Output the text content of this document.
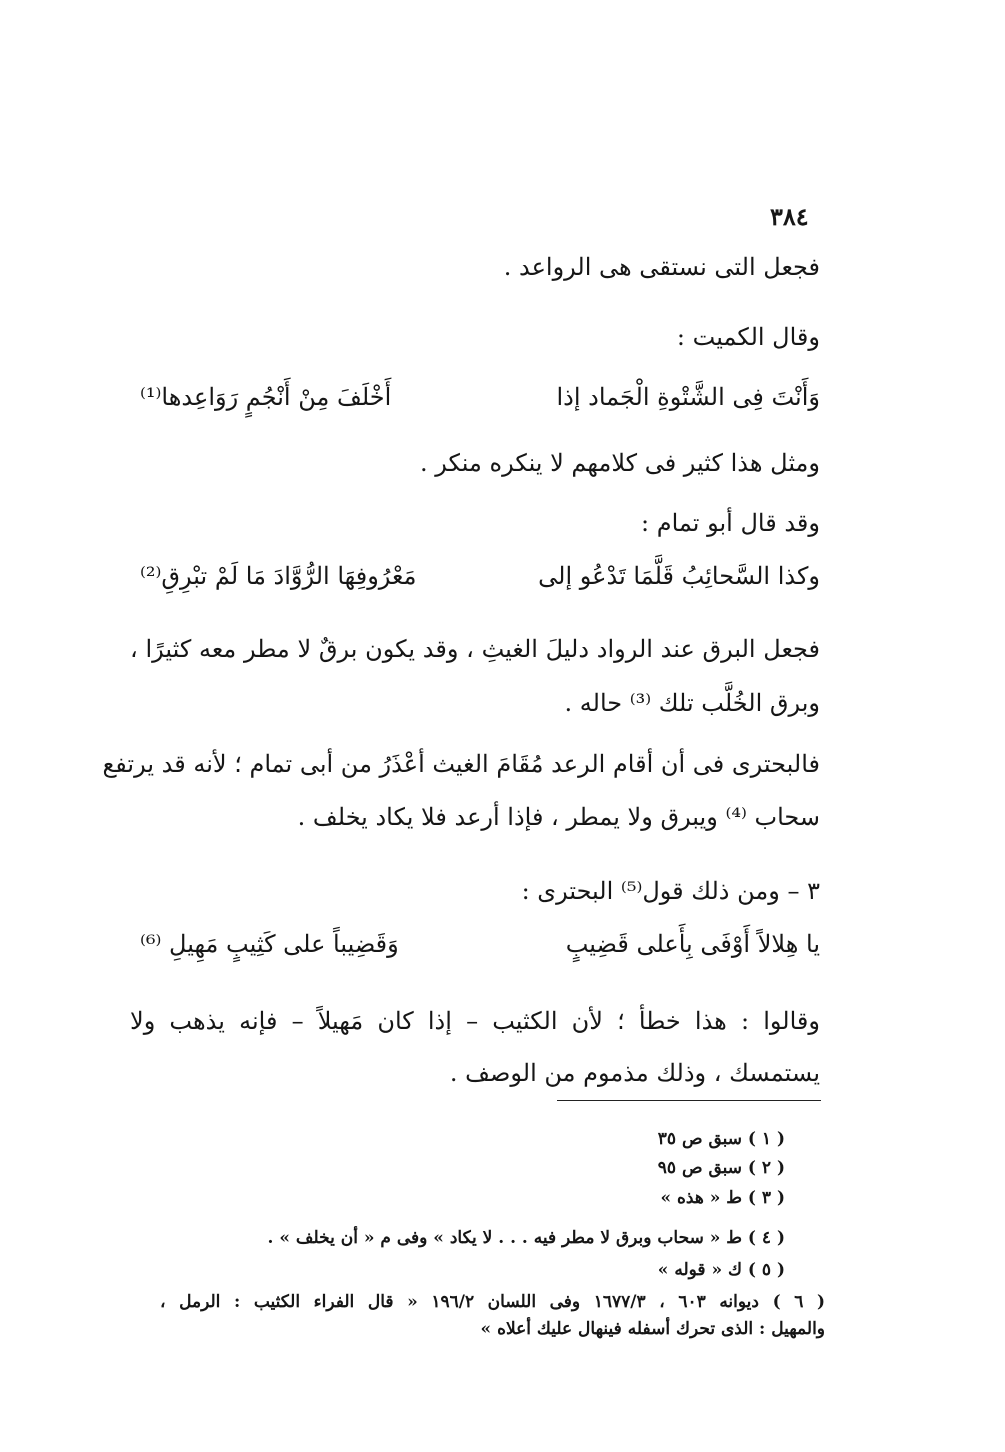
٣٨٤
فجعل التى نستقى هى الرواعد .
وقال الكميت :
وَأَنْتَ فِى الشَّتْوةِ الْجَماد إذا
أَخْلَفَ مِنْ أَنْجُمٍ رَوَاعِدها⁽¹⁾
ومثل هذا كثير فى كلامهم لا ينكره منكر .
وقد قال أبو تمام :
وكذا السَّحائِبُ قَلَّمَا تَدْعُو إلى
مَعْرُوفِهَا الرُّوَّادَ مَا لَمْ تبْرِقِ⁽²⁾
فجعل البرق عند الرواد دليلَ الغيثِ ، وقد يكون برقٌ لا مطر معه كثيرًا ،
وبرق الخُلَّب تلك ⁽³⁾ حاله .
فالبحترى فى أن أقام الرعد مُقَامَ الغيث أعْذَرُ من أبى تمام ؛ لأنه قد يرتفع
سحاب ⁽⁴⁾ ويبرق ولا يمطر ، فإذا أرعد فلا يكاد يخلف .
٣ – ومن ذلك قول⁽⁵⁾ البحترى :
يا هِلالاً أَوْفَى بِأَعلى قَضِيبٍ
وَقَضِيباً على كَثِيبٍ مَهِيلِ ⁽⁶⁾
وقالوا : هذا خطأ ؛ لأن الكثيب – إذا كان مَهيلاً – فإنه يذهب ولا
يستمسك ، وذلك مذموم من الوصف .
( ١ ) سبق ص ٣٥
( ٢ ) سبق ص ٩٥
( ٣ ) ط « هذه »
( ٤ ) ط « سحاب وبرق لا مطر فيه . . . لا يكاد » وفى م « أن يخلف » .
( ٥ ) ك « قوله »
( ٦ ) ديوانه ٦٠٣ ، ١٦٧٧/٣ وفى اللسان ١٩٦/٢ « قال الفراء الكثيب : الرمل ،
والمهيل : الذى تحرك أسفله فينهال عليك أعلاه »
